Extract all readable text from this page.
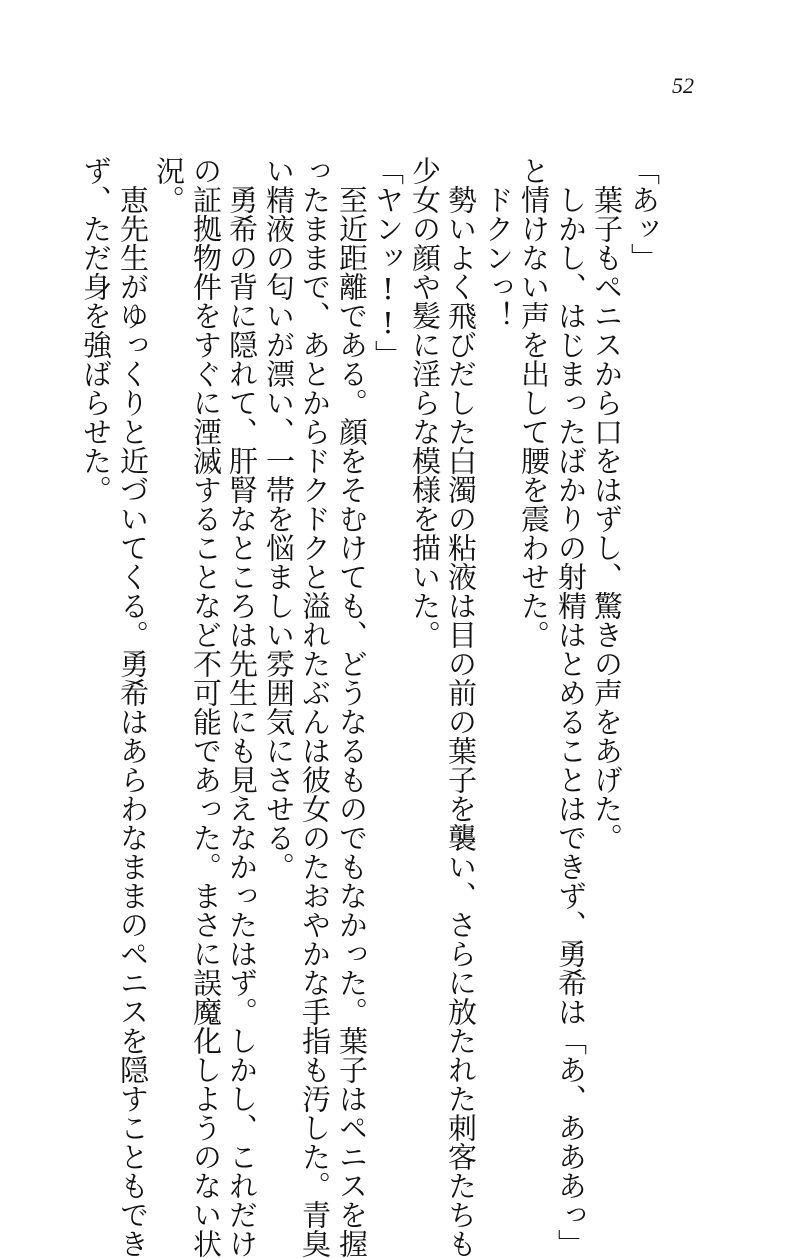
52
「あッ」
　葉子もペニスから口をはずし、驚きの声をあげた。
　しかし、はじまったばかりの射精はとめることはできず、勇希は「あ、あああっ」
と情けない声を出して腰を震わせた。
　ドクンっ！
　勢いよく飛びだした白濁の粘液は目の前の葉子を襲い、さらに放たれた刺客たちも
少女の顔や髪に淫らな模様を描いた。
「ヤンッ!!」
　至近距離である。顔をそむけても、どうなるものでもなかった。葉子はペニスを握
ったままで、あとからドクドクと溢れたぶんは彼女のたおやかな手指も汚した。青臭
い精液の匂いが漂い、一帯を悩ましい雰囲気にさせる。
　勇希の背に隠れて、肝腎なところは先生にも見えなかったはず。しかし、これだけ
の証拠物件をすぐに湮滅することなど不可能であった。まさに誤魔化しようのない状
況。
　恵先生がゆっくりと近づいてくる。勇希はあらわなままのペニスを隠すこともでき
ず、ただ身を強ばらせた。
